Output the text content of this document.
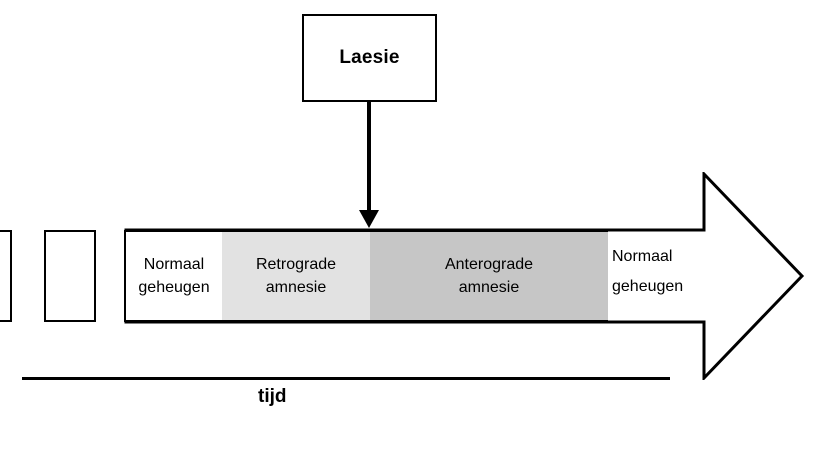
Laesie
Normaal
geheugen
Retrograde
amnesie
Anterograde
amnesie
Normaal
geheugen
tijd
